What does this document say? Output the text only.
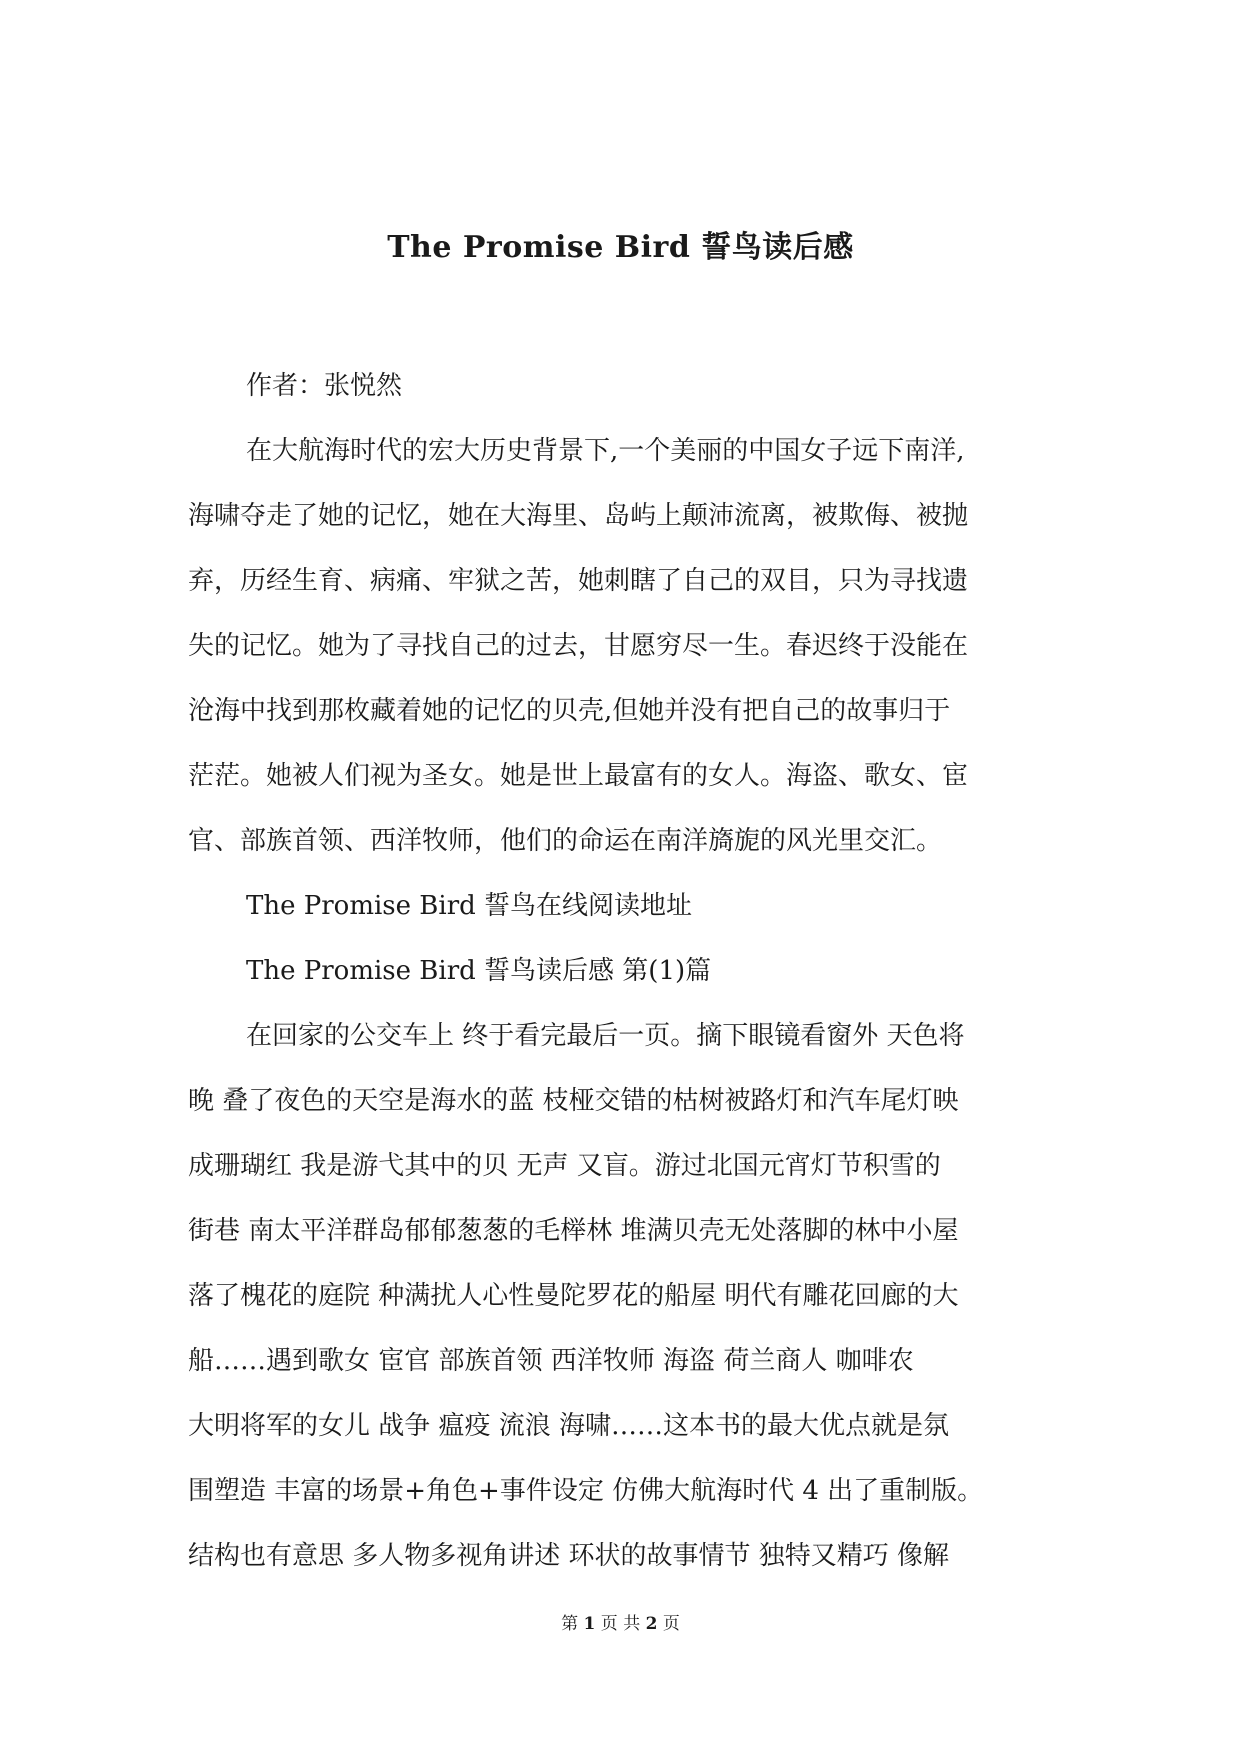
The Promise Bird 誓鸟读后感
作者：张悦然
在大航海时代的宏大历史背景下,一个美丽的中国女子远下南洋,
海啸夺走了她的记忆，她在大海里、岛屿上颠沛流离，被欺侮、被抛
弃，历经生育、病痛、牢狱之苦，她刺瞎了自己的双目，只为寻找遗
失的记忆。她为了寻找自己的过去，甘愿穷尽一生。春迟终于没能在
沧海中找到那枚藏着她的记忆的贝壳,但她并没有把自己的故事归于
茫茫。她被人们视为圣女。她是世上最富有的女人。海盗、歌女、宦
官、部族首领、西洋牧师，他们的命运在南洋旖旎的风光里交汇。
The Promise Bird 誓鸟在线阅读地址
The Promise Bird 誓鸟读后感 第(1)篇
在回家的公交车上 终于看完最后一页。摘下眼镜看窗外 天色将
晚 叠了夜色的天空是海水的蓝 枝桠交错的枯树被路灯和汽车尾灯映
成珊瑚红 我是游弋其中的贝 无声 又盲。游过北国元宵灯节积雪的
街巷 南太平洋群岛郁郁葱葱的毛榉林 堆满贝壳无处落脚的林中小屋
落了槐花的庭院 种满扰人心性曼陀罗花的船屋 明代有雕花回廊的大
船……遇到歌女 宦官 部族首领 西洋牧师 海盗 荷兰商人 咖啡农
大明将军的女儿 战争 瘟疫 流浪 海啸……这本书的最大优点就是氛
围塑造 丰富的场景+角色+事件设定 仿佛大航海时代 4 出了重制版。
结构也有意思 多人物多视角讲述 环状的故事情节 独特又精巧 像解
第 1 页 共 2 页
